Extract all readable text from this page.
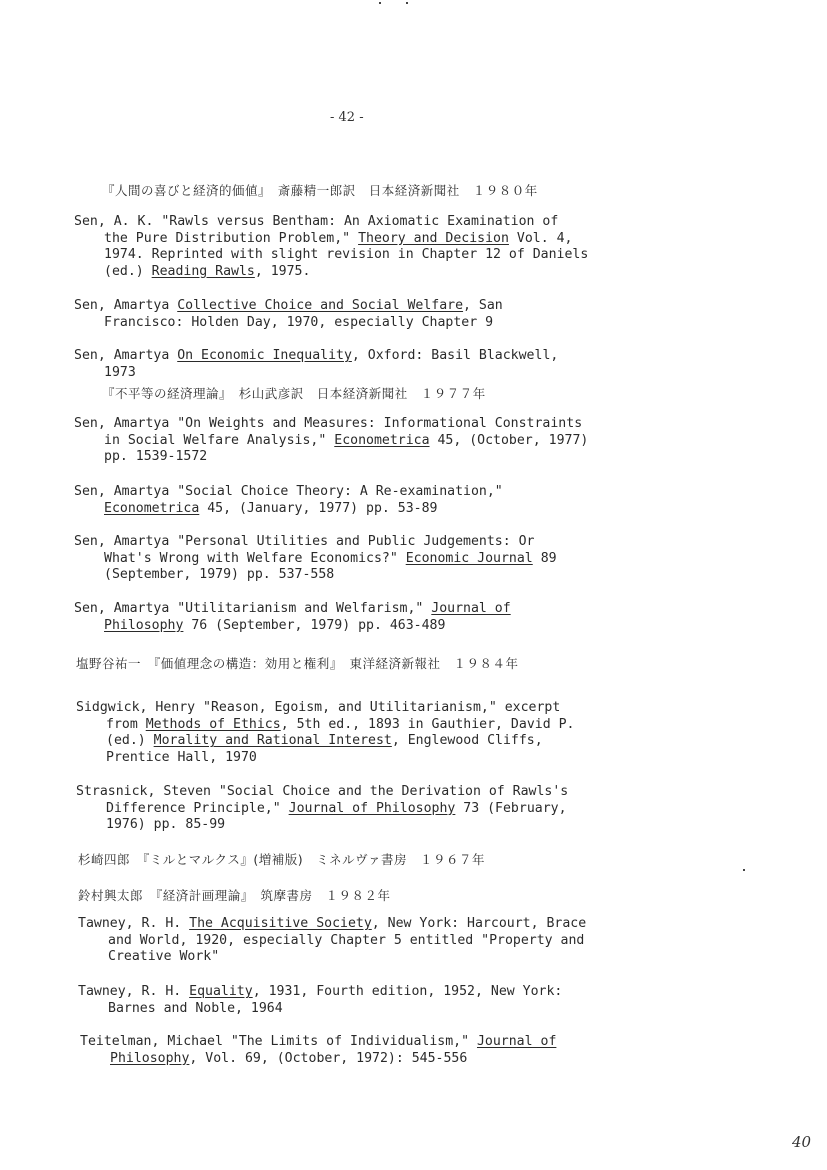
- 42 -
『人間の喜びと経済的価値』　斎藤精一郎訳　日本経済新聞社　１９８０年
Sen, A. K. "Rawls versus Bentham: An Axiomatic Examination of
the Pure Distribution Problem," Theory and Decision Vol. 4,
1974. Reprinted with slight revision in Chapter 12 of Daniels
(ed.) Reading Rawls, 1975.
Sen, Amartya Collective Choice and Social Welfare, San
Francisco: Holden Day, 1970, especially Chapter 9
Sen, Amartya On Economic Inequality, Oxford: Basil Blackwell,
1973
『不平等の経済理論』　杉山武彦訳　日本経済新聞社　１９７７年
Sen, Amartya "On Weights and Measures: Informational Constraints
in Social Welfare Analysis," Econometrica 45, (October, 1977)
pp. 1539-1572
Sen, Amartya "Social Choice Theory: A Re-examination,"
Econometrica 45, (January, 1977) pp. 53-89
Sen, Amartya "Personal Utilities and Public Judgements: Or
What's Wrong with Welfare Economics?" Economic Journal 89
(September, 1979) pp. 537-558
Sen, Amartya "Utilitarianism and Welfarism," Journal of
Philosophy 76 (September, 1979) pp. 463-489
塩野谷祐一　『価値理念の構造：効用と権利』　東洋経済新報社　１９８４年
Sidgwick, Henry "Reason, Egoism, and Utilitarianism," excerpt
from Methods of Ethics, 5th ed., 1893 in Gauthier, David P.
(ed.) Morality and Rational Interest, Englewood Cliffs,
Prentice Hall, 1970
Strasnick, Steven "Social Choice and the Derivation of Rawls's
Difference Principle," Journal of Philosophy 73 (February,
1976) pp. 85-99
杉崎四郎　『ミルとマルクス』(増補版)　ミネルヴァ書房　１９６７年
鈴村興太郎　『経済計画理論』　筑摩書房　１９８２年
Tawney, R. H. The Acquisitive Society, New York: Harcourt, Brace
and World, 1920, especially Chapter 5 entitled "Property and
Creative Work"
Tawney, R. H. Equality, 1931, Fourth edition, 1952, New York:
Barnes and Noble, 1964
Teitelman, Michael "The Limits of Individualism," Journal of
Philosophy, Vol. 69, (October, 1972): 545-556
40
